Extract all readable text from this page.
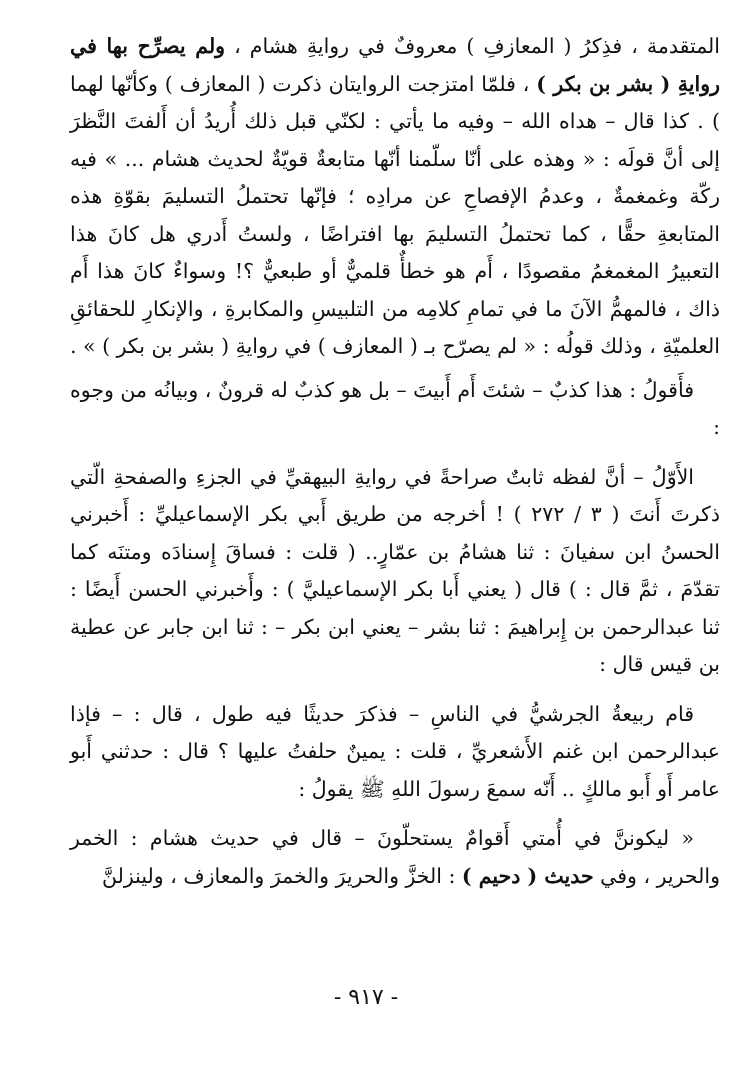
المتقدمة ، فذِكرُ ( المعازفِ ) معروفٌ في روايةِ هشام ، ولم يصرِّح بها في روايةِ ( بشر بن بكر ) ، فلمّا امتزجت الروايتان ذكرت ( المعازف ) وكأنّها لهما ) . كذا قال – هداه الله – وفيه ما يأتي : لكنّي قبل ذلك أُريدُ أن أَلفتَ النَّظرَ إلى أنَّ قولَه : « وهذه على أنّا سلّمنا أنّها متابعةٌ قويّةٌ لحديث هشام ... » فيه ركّة وغمغمةٌ ، وعدمُ الإفصاحِ عن مرادِه ؛ فإنّها تحتملُ التسليمَ بقوّةِ هذه المتابعةِ حقًّا ، كما تحتملُ التسليمَ بها افتراضًا ، ولستُ أَدري هل كانَ هذا التعبيرُ المغمغمُ مقصودًا ، أَم هو خطأٌ قلميٌّ أو طبعيٌّ ؟! وسواءٌ كانَ هذا أَم ذاك ، فالمهمُّ الآنَ ما في تمامِ كلامِه من التلبيسِ والمكابرةِ ، والإنكارِ للحقائقِ العلميّةِ ، وذلك قولُه : « لم يصرّح بـ ( المعازف ) في روايةِ ( بشر بن بكر ) » .

فأَقولُ : هذا كذبٌ – شئتَ أَم أَبيتَ – بل هو كذبٌ له قرونٌ ، وبيانُه من وجوه :

الأَوّلُ – أنَّ لفظه ثابتٌ صراحةً في روايةِ البيهقيِّ في الجزءِ والصفحةِ الّتي ذكرتَ أَنتَ ( ٣ / ٢٧٢ ) ! أخرجه من طريق أَبي بكر الإسماعيليِّ : أَخبرني الحسنُ ابن سفيانَ : ثنا هشامُ بن عمّارٍ.. ( قلت : فساقَ إِسنادَه ومتنَه كما تقدّمَ ، ثمَّ قال : ) قال ( يعني أَبا بكر الإسماعيليَّ ) : وأَخبرني الحسن أَيضًا : ثنا عبدالرحمن بن إِبراهيمَ : ثنا بشر – يعني ابن بكر – : ثنا ابن جابر عن عطية بن قيس قال :

قام ربيعةُ الجرشيُّ في الناسِ – فذكرَ حديثًا فيه طول ، قال : – فإذا عبدالرحمن ابن غنم الأَشعريِّ ، قلت : يمينٌ حلفتُ عليها ؟ قال : حدثني أَبو عامر أَو أَبو مالكٍ .. أَنّه سمعَ رسولَ اللهِ ﷺ يقولُ :

« ليكوننَّ في أُمتي أَقوامٌ يستحلّونَ – قال في حديث هشام : الخمر والحرير ، وفي حديث ( دحيم ) : الخزَّ والحريرَ والخمرَ والمعازف ، ولينزلنَّ

- ٩١٧ -
